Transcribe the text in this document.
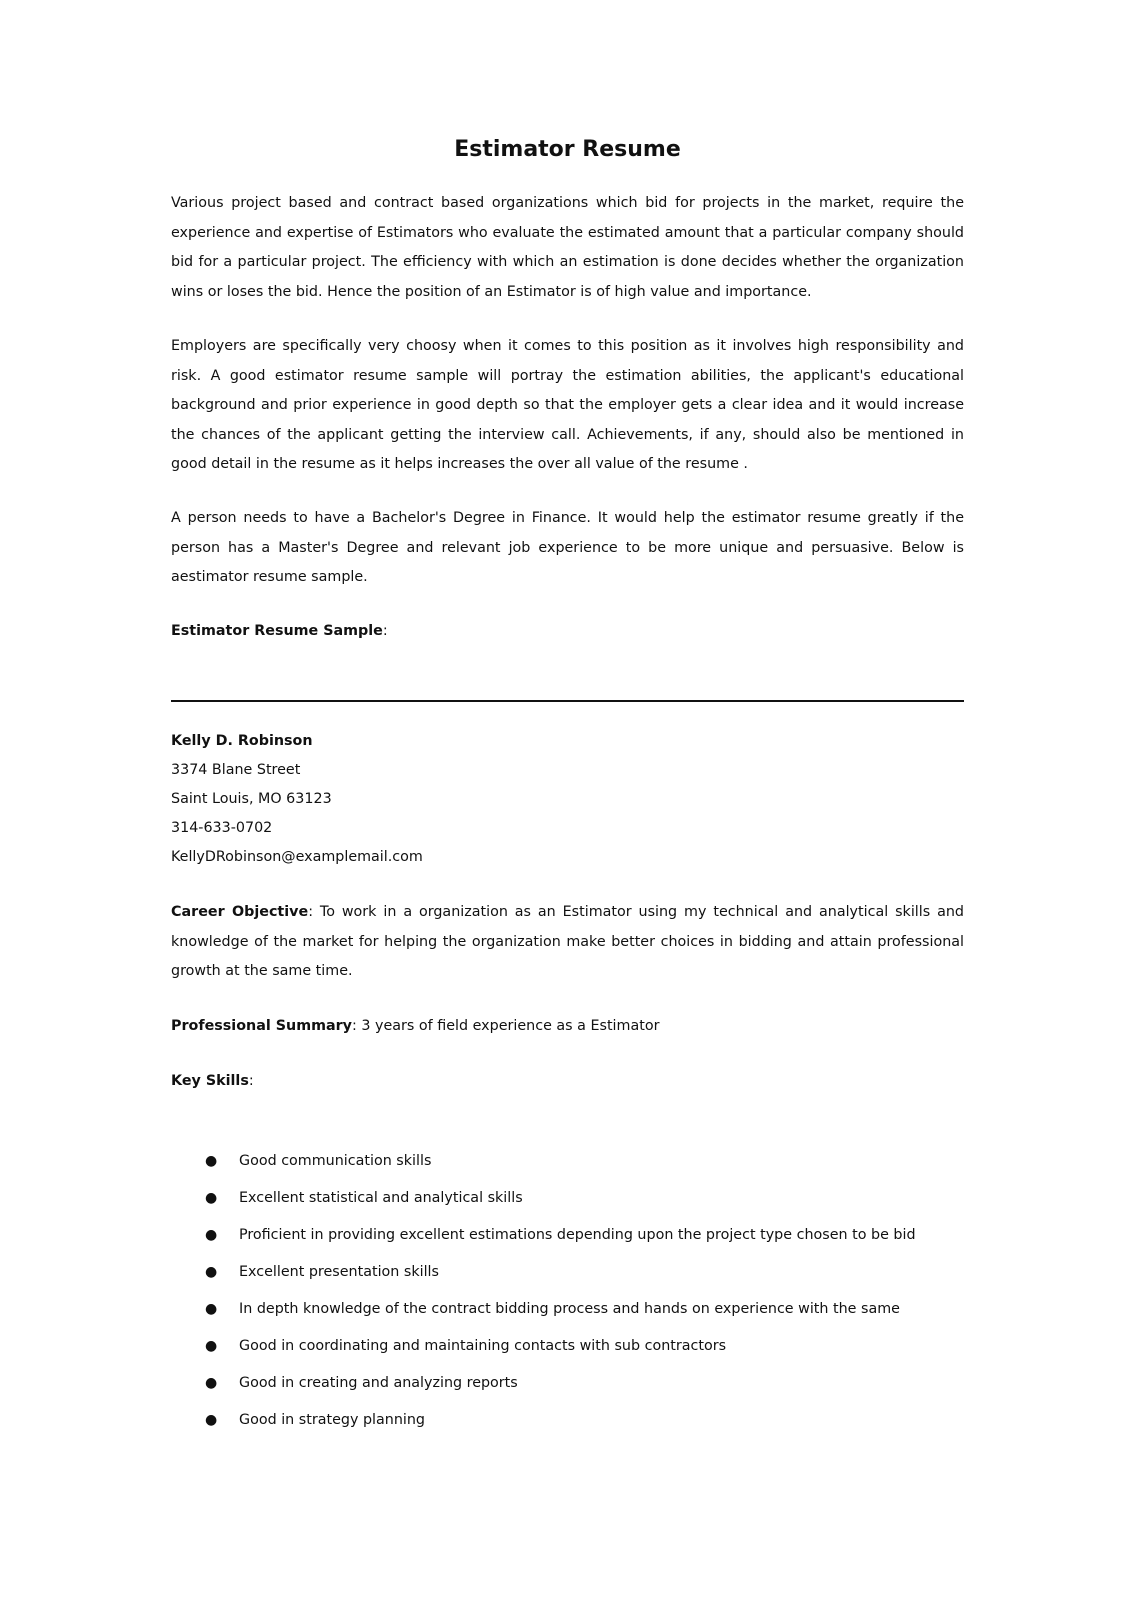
Estimator Resume

Various project based and contract based organizations which bid for projects in the market, require the experience and expertise of Estimators who evaluate the estimated amount that a particular company should bid for a particular project. The efficiency with which an estimation is done decides whether the organization wins or loses the bid. Hence the position of an Estimator is of high value and importance.

Employers are specifically very choosy when it comes to this position as it involves high responsibility and risk. A good estimator resume sample will portray the estimation abilities, the applicant's educational background and prior experience in good depth so that the employer gets a clear idea and it would increase the chances of the applicant getting the interview call. Achievements, if any, should also be mentioned in good detail in the resume as it helps increases the over all value of the resume .

A person needs to have a Bachelor's Degree in Finance. It would help the estimator resume greatly if the person has a Master's Degree and relevant job experience to be more unique and persuasive. Below is aestimator resume sample.

Estimator Resume Sample:

Kelly D. Robinson

3374 Blane Street

Saint Louis, MO 63123

314-633-0702

KellyDRobinson@examplemail.com

Career Objective: To work in a organization as an Estimator using my technical and analytical skills and knowledge of the market for helping the organization make better choices in bidding and attain professional growth at the same time.

Professional Summary: 3 years of field experience as a Estimator

Key Skills:

● Good communication skills
● Excellent statistical and analytical skills
● Proficient in providing excellent estimations depending upon the project type chosen to be bid
● Excellent presentation skills
● In depth knowledge of the contract bidding process and hands on experience with the same
● Good in coordinating and maintaining contacts with sub contractors
● Good in creating and analyzing reports
● Good in strategy planning
